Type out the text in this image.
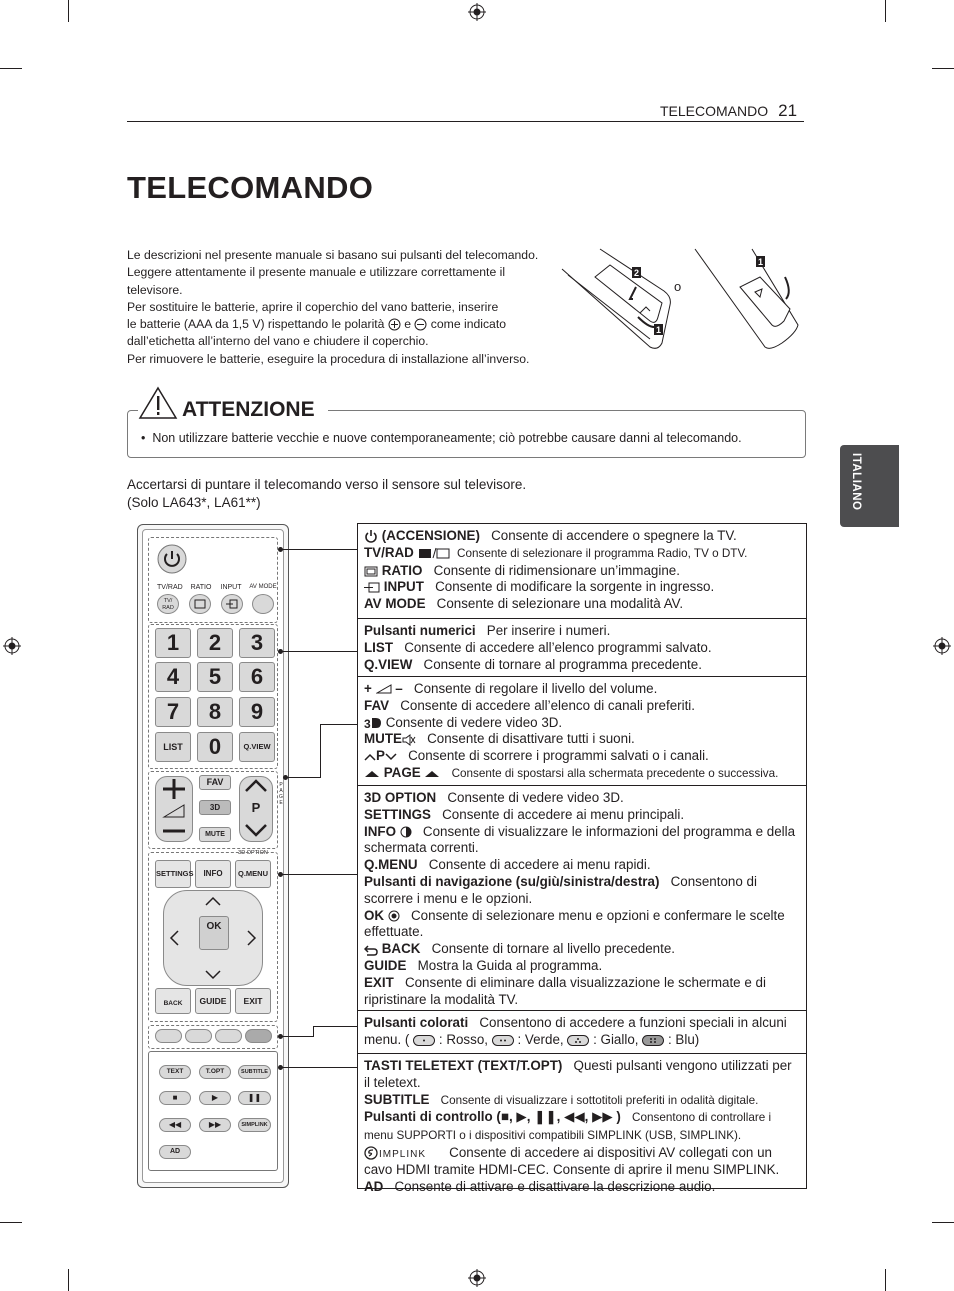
TELECOMANDO 21
TELECOMANDO
ITALIANO

Le descrizioni nel presente manuale si basano sui pulsanti del telecomando.

Leggere attentamente il presente manuale e utilizzare correttamente il

televisore.

Per sostituire le batterie, aprire il coperchio del vano batterie, inserire

le batterie (AAA da 1,5 V) rispettando le polarità e come indicato

dall’etichetta all’interno del vano e chiudere il coperchio.

Per rimuovere le batterie, eseguire la procedura di installazione all’inverso.

2
1
1
o
ATTENZIONE
•  Non utilizzare batterie vecchie e nuove contemporaneamente; ciò potrebbe causare danni al telecomando.

Accertarsi di puntare il telecomando verso il sensore sul televisore.

(Solo LA643*, LA61**)

TV/RAD	RATIO	INPUT	AV MODE
TV/
RAD
1	2	3
4	5	6
7	8	9
LIST	0	Q.VIEW
FAV
3D
MUTE
P
PAGE
3D OPTION
SETTINGS	INFO	Q.MENU
OK
BACK	GUIDE	EXIT
TEXT	T.OPT	SUBTITLE
■	▶	❚❚
◀◀	▶▶	SIMPLINK
AD
(ACCENSIONE) Consente di accendere o spegnere la TV.
TV/RAD	Consente di selezionare il programma Radio, TV o DTV.
RATIO Consente di ridimensionare un’immagine.
INPUT Consente di modificare la sorgente in ingresso.
AV MODE Consente di selezionare una modalità AV.
Pulsanti numerici Per inserire i numeri.
LIST Consente di accedere all’elenco programmi salvato.
Q.VIEW Consente di tornare al programma precedente.
+ – Consente di regolare il livello del volume.
FAV Consente di accedere all’elenco di canali preferiti.
3 Consente di vedere video 3D.
MUTE Consente di disattivare tutti i suoni.
P Consente di scorrere i programmi salvati o i canali.
PAGE	Consente di spostarsi alla schermata precedente o successiva.
3D OPTION Consente di vedere video 3D.
SETTINGS Consente di accedere ai menu principali.
INFO Consente di visualizzare le informazioni del programma e della schermata correnti.
Q.MENU Consente di accedere ai menu rapidi.
Pulsanti di navigazione (su/giù/sinistra/destra) Consentono di scorrere i menu e le opzioni.
OK Consente di selezionare menu e opzioni e confermare le scelte effettuate.
BACK Consente di tornare al livello precedente.
GUIDE Mostra la Guida al programma.
EXIT Consente di eliminare dalla visualizzazione le schermate e di ripristinare la modalità TV.
Pulsanti colorati Consentono di accedere a funzioni speciali in alcuni menu. ( : Rosso, : Verde, : Giallo, : Blu)
TASTI TELETEXT (TEXT/T.OPT) Questi pulsanti vengono utilizzati per il teletext.
SUBTITLE Consente di visualizzare i sottotitoli preferiti in odalità digitale.
Pulsanti di controllo (■, ▶, ❚❚, ◀◀, ▶▶ ) Consentono di controllare i menu SUPPORTI o i dispositivi compatibili SIMPLINK (USB, SIMPLINK).
IMPLINK Consente di accedere ai dispositivi AV collegati con un cavo HDMI tramite HDMI-CEC. Consente di aprire il menu SIMPLINK.
AD Consente di attivare e disattivare la descrizione audio.
